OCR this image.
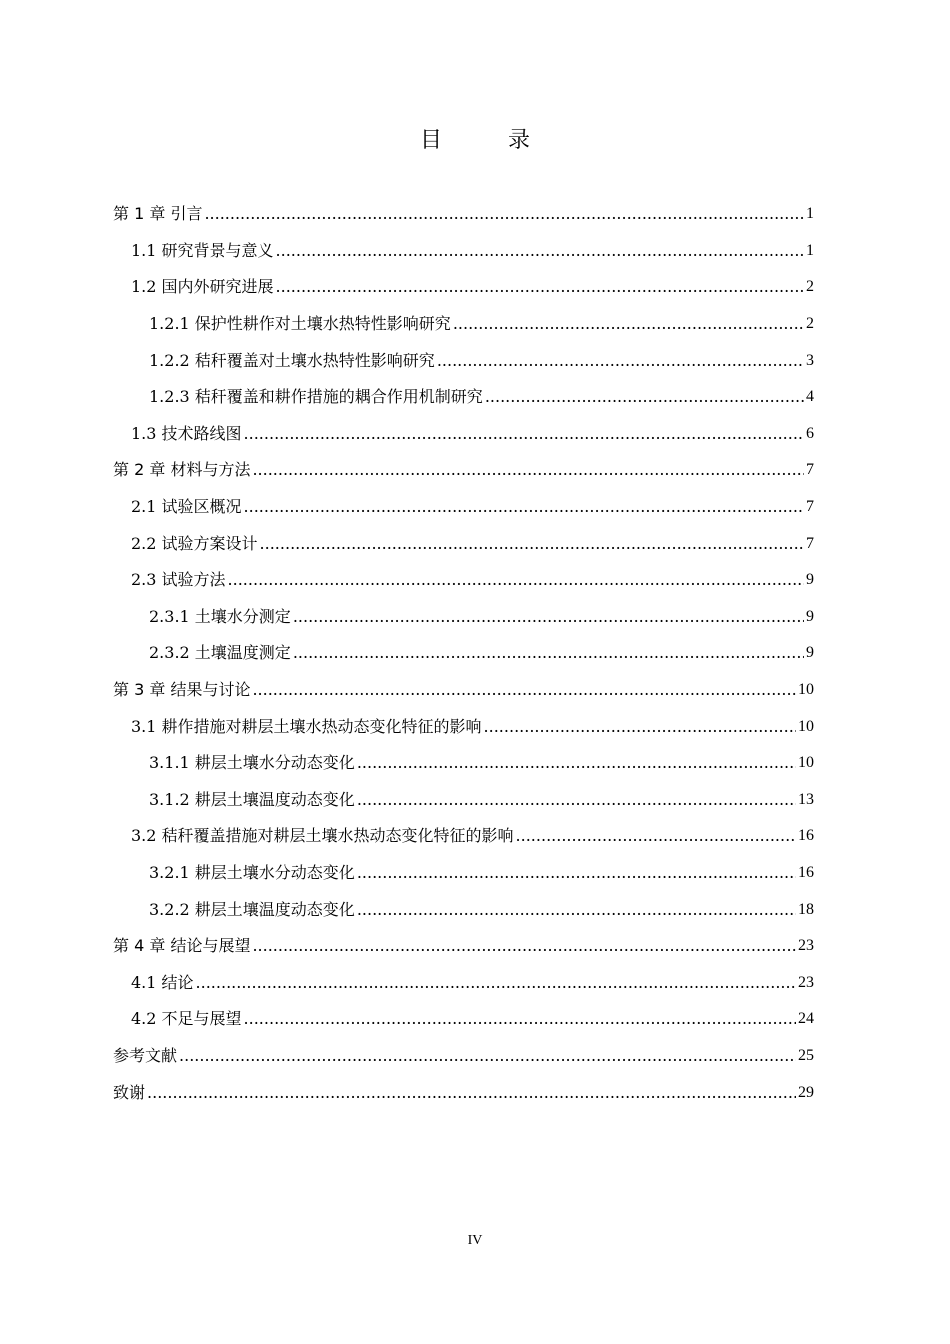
目　录
第 1 章 引言 .....	1
1.1 研究背景与意义 .....	1
1.2 国内外研究进展 .....	2
1.2.1 保护性耕作对土壤水热特性影响研究 .....	2
1.2.2 秸秆覆盖对土壤水热特性影响研究 .....	3
1.2.3 秸秆覆盖和耕作措施的耦合作用机制研究 .....	4
1.3 技术路线图 .....	6
第 2 章 材料与方法 .....	7
2.1 试验区概况 .....	7
2.2 试验方案设计 .....	7
2.3 试验方法 .....	9
2.3.1 土壤水分测定 .....	9
2.3.2 土壤温度测定 .....	9
第 3 章 结果与讨论 .....	10
3.1 耕作措施对耕层土壤水热动态变化特征的影响 .....	10
3.1.1 耕层土壤水分动态变化 .....	10
3.1.2 耕层土壤温度动态变化 .....	13
3.2 秸秆覆盖措施对耕层土壤水热动态变化特征的影响 .....	16
3.2.1 耕层土壤水分动态变化 .....	16
3.2.2 耕层土壤温度动态变化 .....	18
第 4 章 结论与展望 .....	23
4.1 结论 .....	23
4.2 不足与展望 .....	24
参考文献 .....	25
致谢 .....	29
IV
